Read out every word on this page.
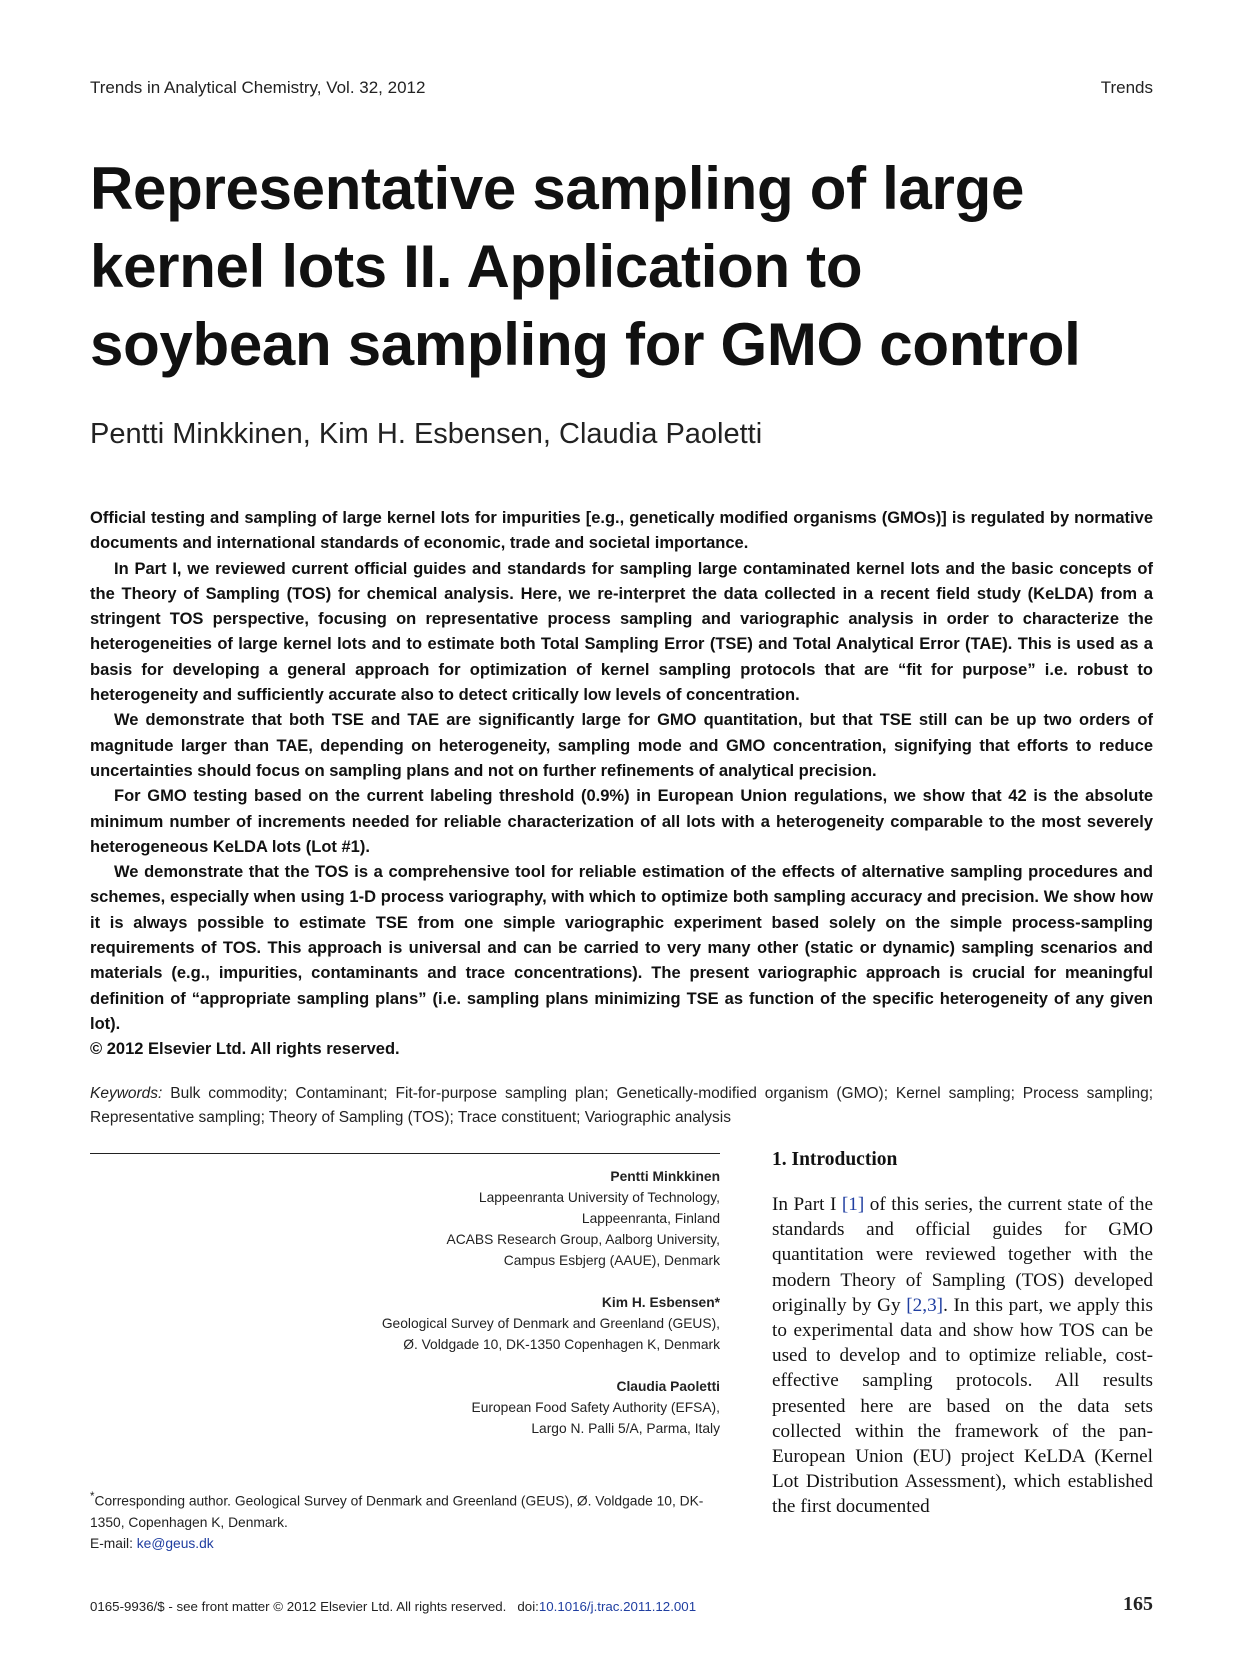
Trends in Analytical Chemistry, Vol. 32, 2012	Trends
Representative sampling of large
kernel lots II. Application to
soybean sampling for GMO control
Pentti Minkkinen, Kim H. Esbensen, Claudia Paoletti

Official testing and sampling of large kernel lots for impurities [e.g., genetically modified organisms (GMOs)] is regulated by normative documents and international standards of economic, trade and societal importance.

In Part I, we reviewed current official guides and standards for sampling large contaminated kernel lots and the basic concepts of the Theory of Sampling (TOS) for chemical analysis. Here, we re-interpret the data collected in a recent field study (KeLDA) from a stringent TOS perspective, focusing on representative process sampling and variographic analysis in order to characterize the heterogeneities of large kernel lots and to estimate both Total Sampling Error (TSE) and Total Analytical Error (TAE). This is used as a basis for developing a general approach for optimization of kernel sampling protocols that are “fit for purpose” i.e. robust to heterogeneity and sufficiently accurate also to detect critically low levels of concentration.

We demonstrate that both TSE and TAE are significantly large for GMO quantitation, but that TSE still can be up two orders of magnitude larger than TAE, depending on heterogeneity, sampling mode and GMO concentration, signifying that efforts to reduce uncertainties should focus on sampling plans and not on further refinements of analytical precision.

For GMO testing based on the current labeling threshold (0.9%) in European Union regulations, we show that 42 is the absolute minimum number of increments needed for reliable characterization of all lots with a heterogeneity comparable to the most severely heterogeneous KeLDA lots (Lot #1).

We demonstrate that the TOS is a comprehensive tool for reliable estimation of the effects of alternative sampling procedures and schemes, especially when using 1-D process variography, with which to optimize both sampling accuracy and precision. We show how it is always possible to estimate TSE from one simple variographic experiment based solely on the simple process-sampling requirements of TOS. This approach is universal and can be carried to very many other (static or dynamic) sampling scenarios and materials (e.g., impurities, contaminants and trace concentrations). The present variographic approach is crucial for meaningful definition of “appropriate sampling plans” (i.e. sampling plans minimizing TSE as function of the specific heterogeneity of any given lot).

© 2012 Elsevier Ltd. All rights reserved.

Keywords: Bulk commodity; Contaminant; Fit-for-purpose sampling plan; Genetically-modified organism (GMO); Kernel sampling; Process sampling; Representative sampling; Theory of Sampling (TOS); Trace constituent; Variographic analysis
Pentti Minkkinen
Lappeenranta University of Technology,
Lappeenranta, Finland
ACABS Research Group, Aalborg University,
Campus Esbjerg (AAUE), Denmark
Kim H. Esbensen*
Geological Survey of Denmark and Greenland (GEUS),
Ø. Voldgade 10, DK-1350 Copenhagen K, Denmark
Claudia Paoletti
European Food Safety Authority (EFSA),
Largo N. Palli 5/A, Parma, Italy
*Corresponding author. Geological Survey of Denmark and Greenland (GEUS), Ø. Voldgade 10, DK-1350, Copenhagen K, Denmark.
E-mail: ke@geus.dk
1. Introduction

In Part I [1] of this series, the current state of the standards and official guides for GMO quantitation were reviewed together with the modern Theory of Sampling (TOS) developed originally by Gy [2,3]. In this part, we apply this to experimental data and show how TOS can be used to develop and to optimize reliable, cost-effective sampling protocols. All results presented here are based on the data sets collected within the framework of the pan-European Union (EU) project KeLDA (Kernel Lot Distribution Assessment), which established the first documented

0165-9936/$ - see front matter © 2012 Elsevier Ltd. All rights reserved. doi:10.1016/j.trac.2011.12.001	165
